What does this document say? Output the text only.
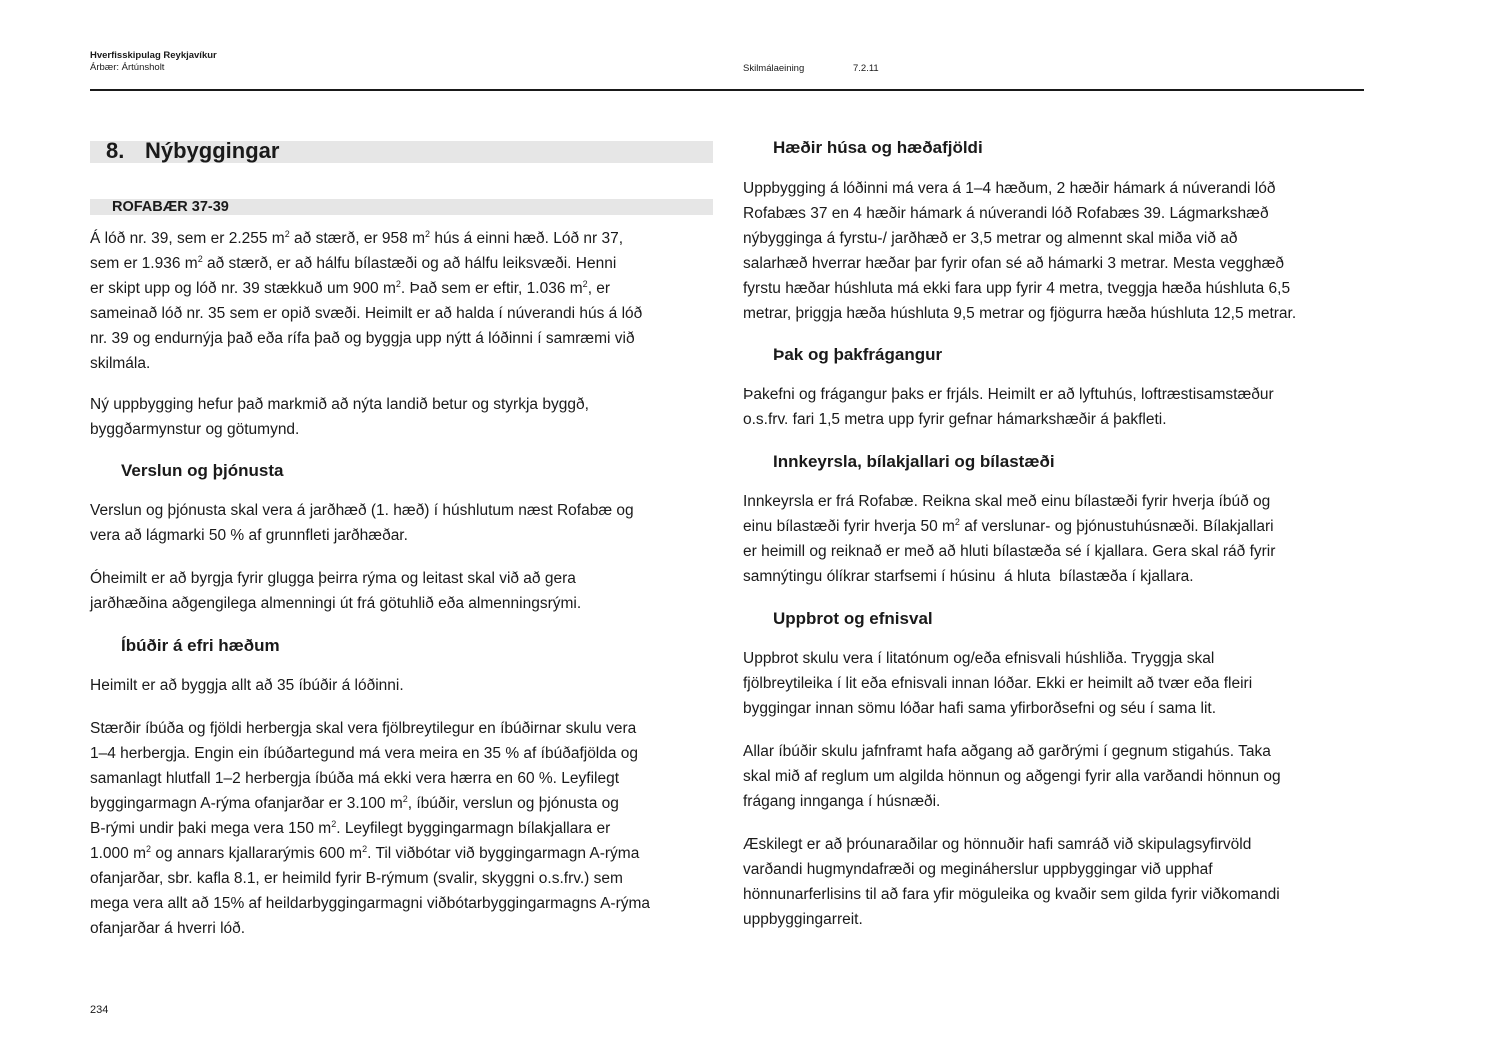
Hverfisskipulag Reykjavíkur
Árbær: Ártúnsholt	Skilmálaeining	7.2.11
8. Nýbyggingar
ROFABÆR 37-39
Á lóð nr. 39, sem er 2.255 $m^2$ að stærð, er 958 $m^2$ hús á einni hæð. Lóð nr 37,
sem er 1.936 $m^2$ að stærð, er að hálfu bílastæði og að hálfu leiksvæði. Henni
er skipt upp og lóð nr. 39 stækkuð um 900 $m^2$. Það sem er eftir, 1.036 $m^2$, er
sameinað lóð nr. 35 sem er opið svæði. Heimilt er að halda í núverandi hús á lóð
nr. 39 og endurnýja það eða rífa það og byggja upp nýtt á lóðinni í samræmi við
skilmála.
Ný uppbygging hefur það markmið að nýta landið betur og styrkja byggð,
byggðarmynstur og götumynd.
Verslun og þjónusta
Verslun og þjónusta skal vera á jarðhæð (1. hæð) í húshlutum næst Rofabæ og
vera að lágmarki 50 % af grunnfleti jarðhæðar.
Óheimilt er að byrgja fyrir glugga þeirra rýma og leitast skal við að gera
jarðhæðina aðgengilega almenningi út frá götuhlið eða almenningsrými.
Íbúðir á efri hæðum
Heimilt er að byggja allt að 35 íbúðir á lóðinni.
Stærðir íbúða og fjöldi herbergja skal vera fjölbreytilegur en íbúðirnar skulu vera
1–4 herbergja. Engin ein íbúðartegund má vera meira en 35 % af íbúðafjölda og
samanlagt hlutfall 1–2 herbergja íbúða má ekki vera hærra en 60 %. Leyfilegt
byggingarmagn A-rýma ofanjarðar er 3.100 $m^2$, íbúðir, verslun og þjónusta og
B-rými undir þaki mega vera 150 $m^2$. Leyfilegt byggingarmagn bílakjallara er
1.000 $m^2$ og annars kjallararýmis 600 $m^2$. Til viðbótar við byggingarmagn A-rýma
ofanjarðar, sbr. kafla 8.1, er heimild fyrir B-rýmum (svalir, skyggni o.s.frv.) sem
mega vera allt að 15% af heildarbyggingarmagni viðbótarbyggingarmagns A-rýma
ofanjarðar á hverri lóð.
Hæðir húsa og hæðafjöldi
Uppbygging á lóðinni má vera á 1–4 hæðum, 2 hæðir hámark á núverandi lóð
Rofabæs 37 en 4 hæðir hámark á núverandi lóð Rofabæs 39. Lágmarkshæð
nýbygginga á fyrstu-/ jarðhæð er 3,5 metrar og almennt skal miða við að
salarhæð hverrar hæðar þar fyrir ofan sé að hámarki 3 metrar. Mesta vegghæð
fyrstu hæðar húshluta má ekki fara upp fyrir 4 metra, tveggja hæða húshluta 6,5
metrar, þriggja hæða húshluta 9,5 metrar og fjögurra hæða húshluta 12,5 metrar.
Þak og þakfrágangur
Þakefni og frágangur þaks er frjáls. Heimilt er að lyftuhús, loftræstisamstæður
o.s.frv. fari 1,5 metra upp fyrir gefnar hámarkshæðir á þakfleti.
Innkeyrsla, bílakjallari og bílastæði
Innkeyrsla er frá Rofabæ. Reikna skal með einu bílastæði fyrir hverja íbúð og
einu bílastæði fyrir hverja 50 $m^2$ af verslunar- og þjónustuhúsnæði. Bílakjallari
er heimill og reiknað er með að hluti bílastæða sé í kjallara. Gera skal ráð fyrir
samnýtingu ólíkrar starfsemi í húsinu  á hluta  bílastæða í kjallara.
Uppbrot og efnisval
Uppbrot skulu vera í litatónum og/eða efnisvali húshliða. Tryggja skal
fjölbreytileika í lit eða efnisvali innan lóðar. Ekki er heimilt að tvær eða fleiri
byggingar innan sömu lóðar hafi sama yfirborðsefni og séu í sama lit.
Allar íbúðir skulu jafnframt hafa aðgang að garðrými í gegnum stigahús. Taka
skal mið af reglum um algilda hönnun og aðgengi fyrir alla varðandi hönnun og
frágang innganga í húsnæði.
Æskilegt er að þróunaraðilar og hönnuðir hafi samráð við skipulagsyfirvöld
varðandi hugmyndafræði og megináherslur uppbyggingar við upphaf
hönnunarferlisins til að fara yfir möguleika og kvaðir sem gilda fyrir viðkomandi
uppbyggingarreit.
234
